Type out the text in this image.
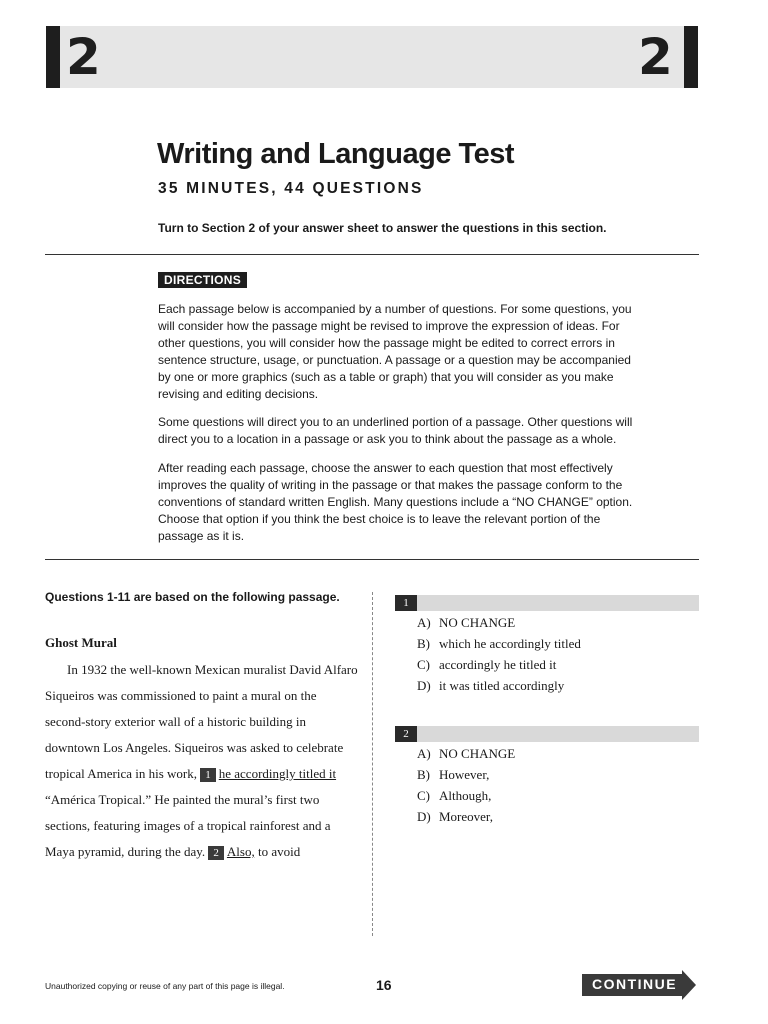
2	2
Writing and Language Test
35 MINUTES, 44 QUESTIONS
Turn to Section 2 of your answer sheet to answer the questions in this section.
DIRECTIONS

Each passage below is accompanied by a number of questions. For some questions, you will consider how the passage might be revised to improve the expression of ideas. For other questions, you will consider how the passage might be edited to correct errors in sentence structure, usage, or punctuation. A passage or a question may be accompanied by one or more graphics (such as a table or graph) that you will consider as you make revising and editing decisions.

Some questions will direct you to an underlined portion of a passage. Other questions will direct you to a location in a passage or ask you to think about the passage as a whole.

After reading each passage, choose the answer to each question that most effectively improves the quality of writing in the passage or that makes the passage conform to the conventions of standard written English. Many questions include a “NO CHANGE” option. Choose that option if you think the best choice is to leave the relevant portion of the passage as it is.

Questions 1-11 are based on the following passage.
Ghost Mural

In 1932 the well-known Mexican muralist David Alfaro Siqueiros was commissioned to paint a mural on the second-story exterior wall of a historic building in downtown Los Angeles. Siqueiros was asked to celebrate tropical America in his work, 1 he accordingly titled it “América Tropical.” He painted the mural’s first two sections, featuring images of a tropical rainforest and a Maya pyramid, during the day. 2 Also, to avoid

1
A) NO CHANGE
B) which he accordingly titled
C) accordingly he titled it
D) it was titled accordingly
2
A) NO CHANGE
B) However,
C) Although,
D) Moreover,
Unauthorized copying or reuse of any part of this page is illegal.	16	CONTINUE
